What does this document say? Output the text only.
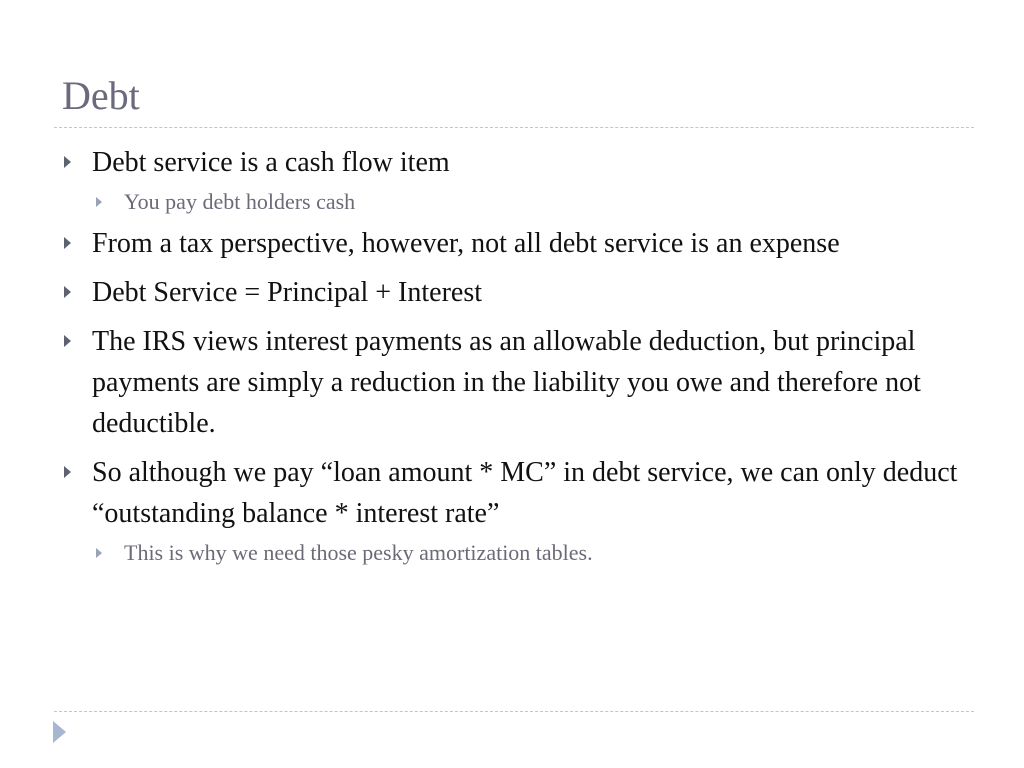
Debt
Debt service is a cash flow item
You pay debt holders cash
From a tax perspective, however, not all debt service is an expense
Debt Service = Principal + Interest
The IRS views interest payments as an allowable deduction, but principal payments are simply a reduction in the liability you owe and therefore not deductible.
So although we pay “loan amount * MC” in debt service, we can only deduct “outstanding balance * interest rate”
This is why we need those pesky amortization tables.
